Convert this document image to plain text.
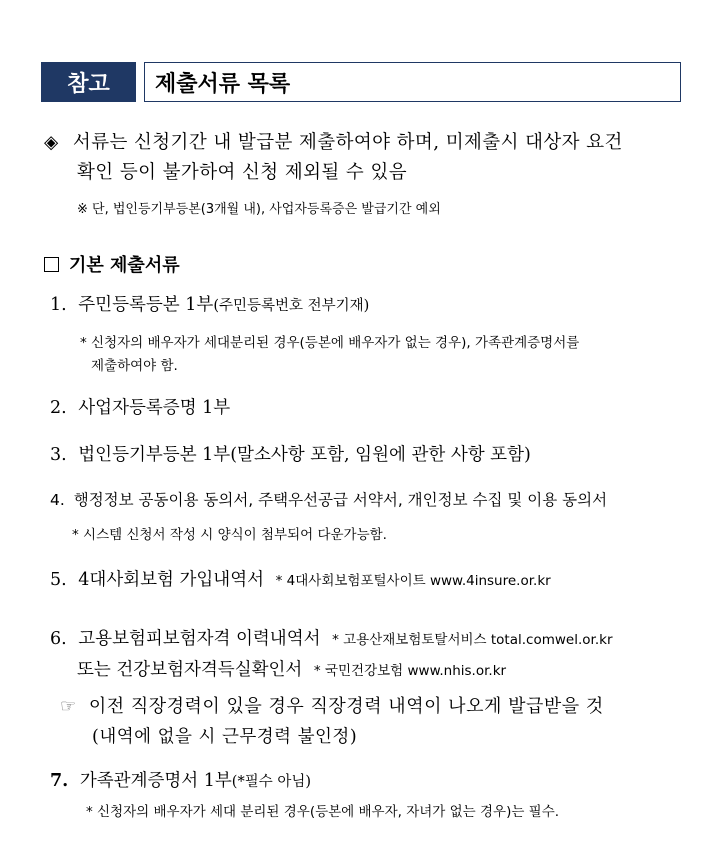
참고	제출서류 목록
◈ 서류는 신청기간 내 발급분 제출하여야 하며, 미제출시 대상자 요건
확인 등이 불가하여 신청 제외될 수 있음
※ 단, 법인등기부등본(3개월 내), 사업자등록증은 발급기간 예외
기본 제출서류
1. 주민등록등본 1부(주민등록번호 전부기재)
* 신청자의 배우자가 세대분리된 경우(등본에 배우자가 없는 경우), 가족관계증명서를
제출하여야 함.
2. 사업자등록증명 1부
3. 법인등기부등본 1부(말소사항 포함, 임원에 관한 사항 포함)
4. 행정정보 공동이용 동의서, 주택우선공급 서약서, 개인정보 수집 및 이용 동의서
* 시스템 신청서 작성 시 양식이 첨부되어 다운가능함.
5. 4대사회보험 가입내역서 * 4대사회보험포털사이트 www.4insure.or.kr
6. 고용보험피보험자격 이력내역서 * 고용산재보험토탈서비스 total.comwel.or.kr
또는 건강보험자격득실확인서 * 국민건강보험 www.nhis.or.kr
☞ 이전 직장경력이 있을 경우 직장경력 내역이 나오게 발급받을 것
(내역에 없을 시 근무경력 불인정)
7. 가족관계증명서 1부(*필수 아님)
* 신청자의 배우자가 세대 분리된 경우(등본에 배우자, 자녀가 없는 경우)는 필수.
